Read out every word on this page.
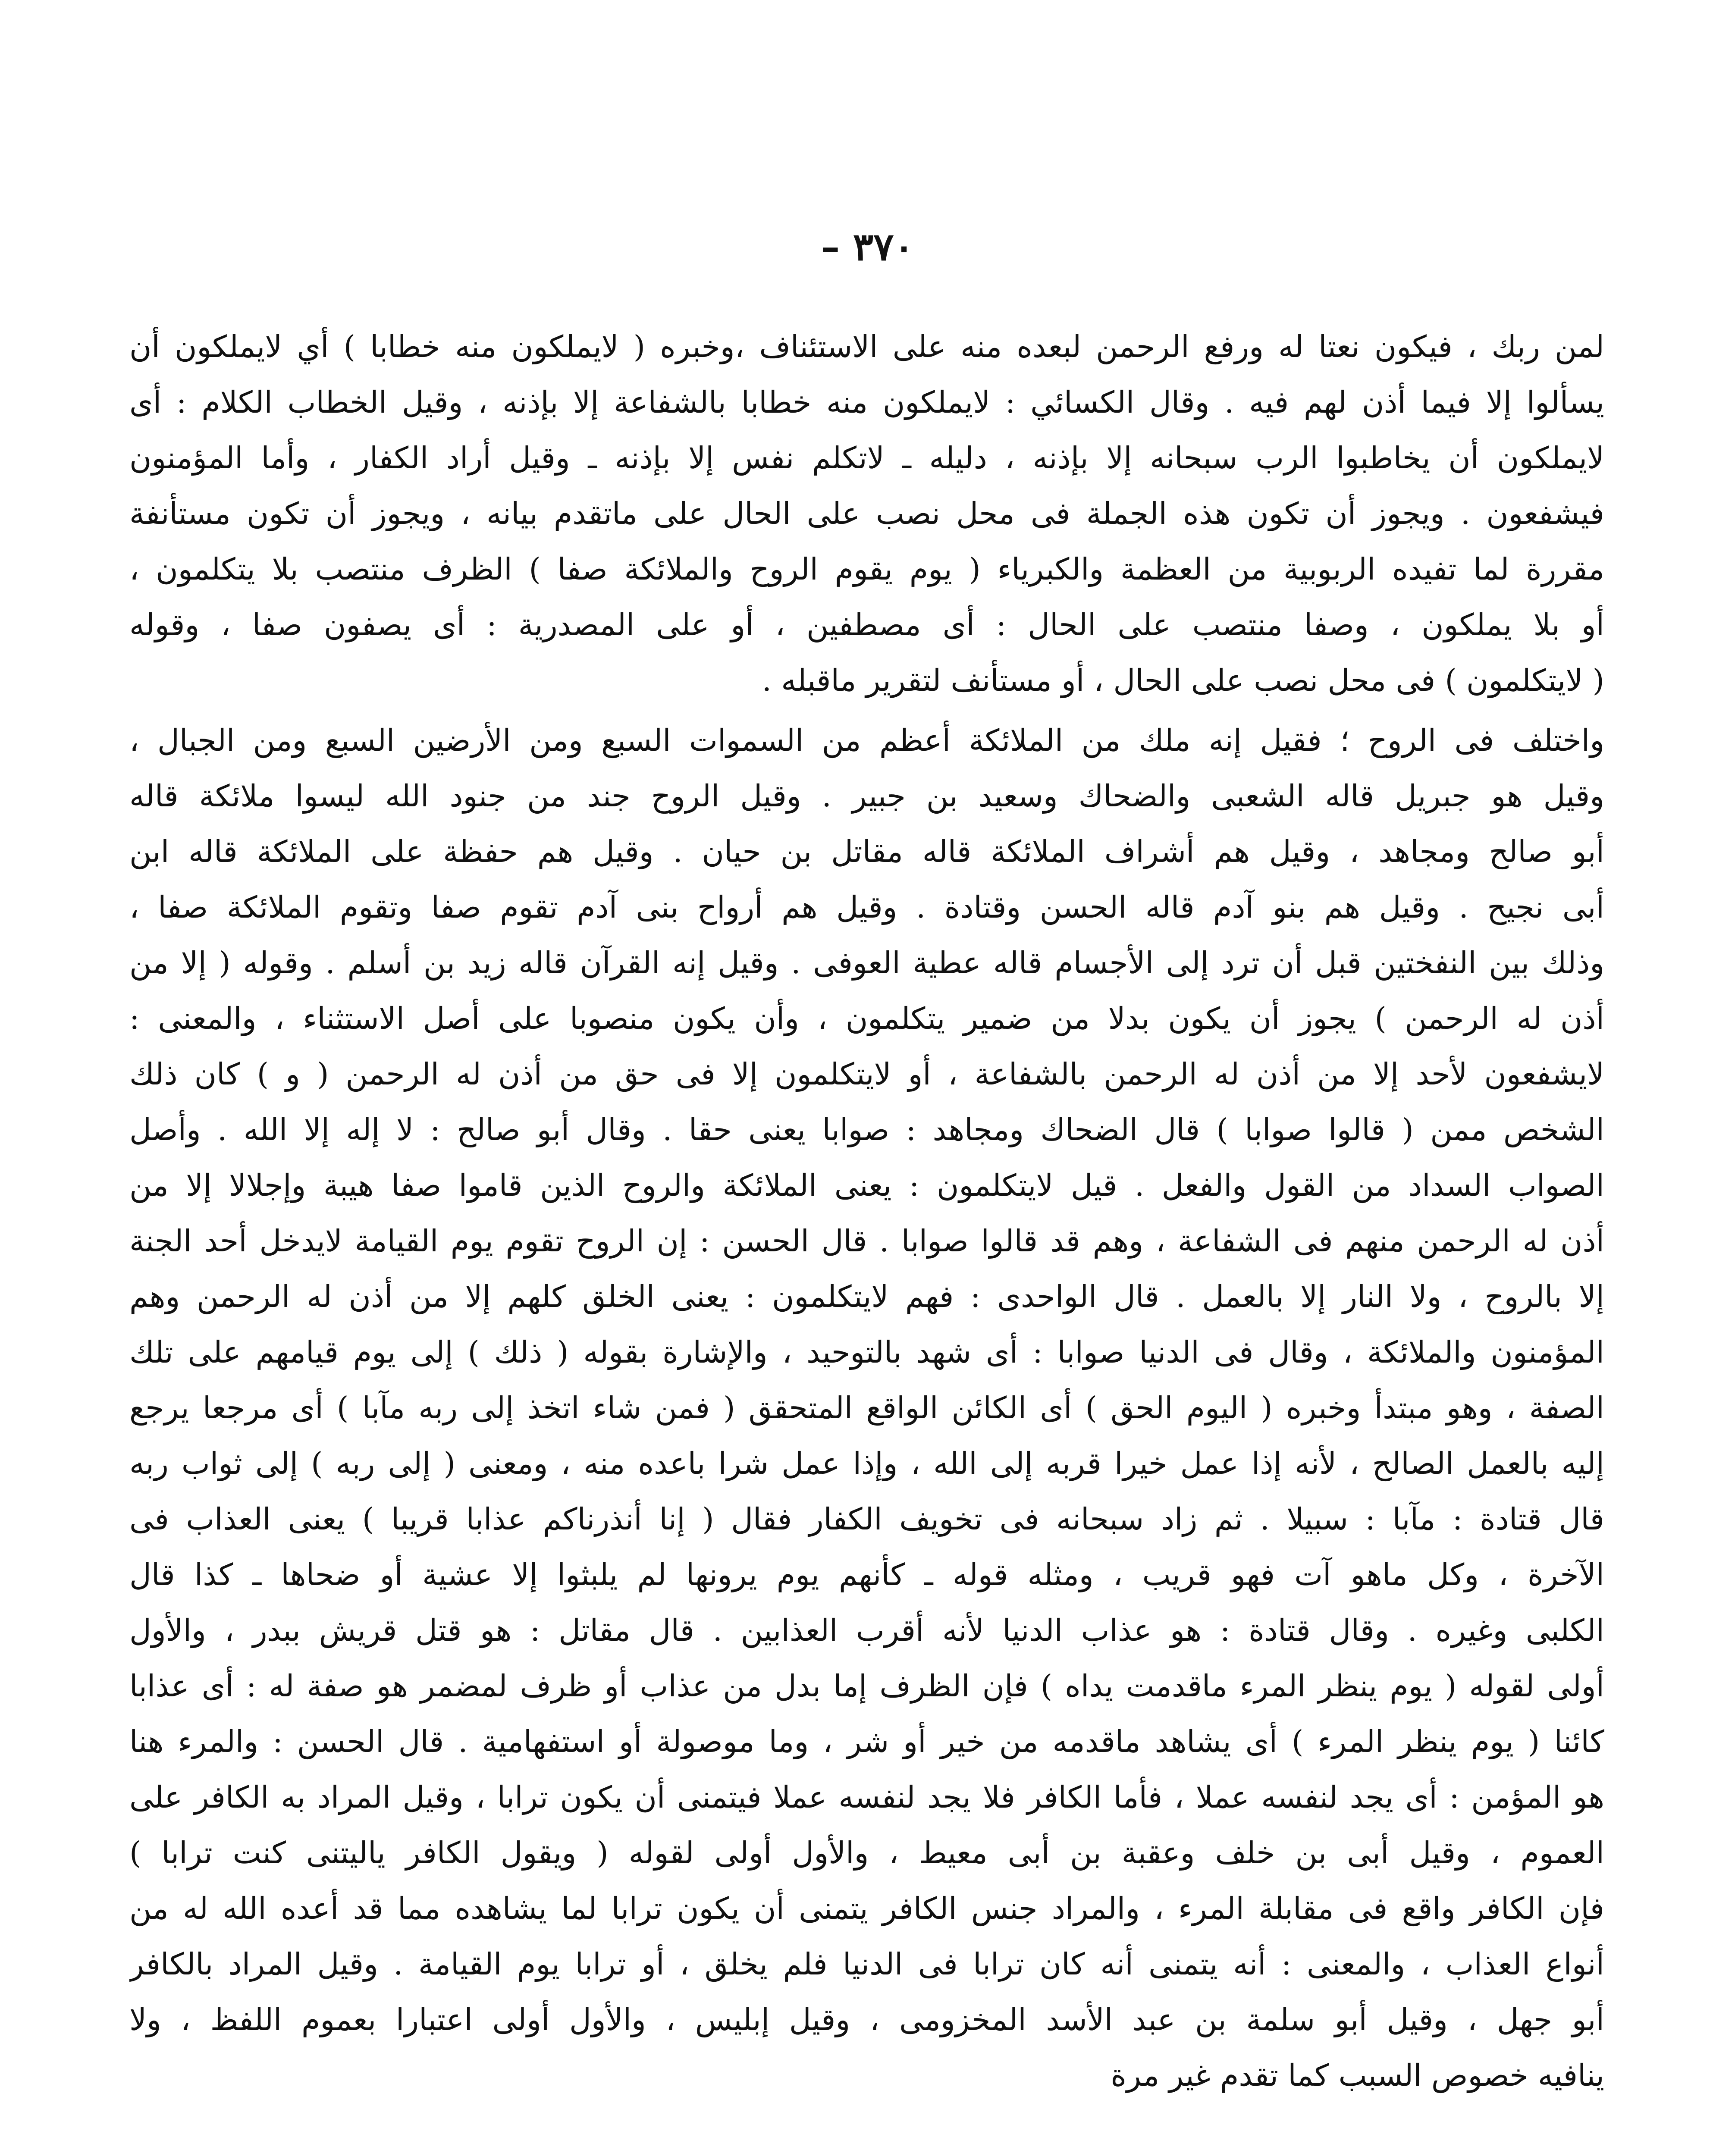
– ٣٧٠
لمن ربك ، فيكون نعتا له ورفع الرحمن لبعده منه على الاستئناف ،وخبره ( لايملكون منه خطابا ) أي لايملكون أن
يسألوا إلا فيما أذن لهم فيه . وقال الكسائي : لايملكون منه خطابا بالشفاعة إلا بإذنه ، وقيل الخطاب الكلام : أى
لايملكون أن يخاطبوا الرب سبحانه إلا بإذنه ، دليله ـ لاتكلم نفس إلا بإذنه ـ وقيل أراد الكفار ، وأما المؤمنون
فيشفعون . ويجوز أن تكون هذه الجملة فى محل نصب على الحال على ماتقدم بيانه ، ويجوز أن تكون مستأنفة
مقررة لما تفيده الربوبية من العظمة والكبرياء ( يوم يقوم الروح والملائكة صفا ) الظرف منتصب بلا يتكلمون ،
أو بلا يملكون ، وصفا منتصب على الحال : أى مصطفين ، أو على المصدرية : أى يصفون صفا ، وقوله
( لايتكلمون ) فى محل نصب على الحال ، أو مستأنف لتقرير ماقبله .
واختلف فى الروح ؛ فقيل إنه ملك من الملائكة أعظم من السموات السبع ومن الأرضين السبع ومن الجبال ،
وقيل هو جبريل قاله الشعبى والضحاك وسعيد بن جبير . وقيل الروح جند من جنود الله ليسوا ملائكة قاله
أبو صالح ومجاهد ، وقيل هم أشراف الملائكة قاله مقاتل بن حيان . وقيل هم حفظة على الملائكة قاله ابن
أبى نجيح . وقيل هم بنو آدم قاله الحسن وقتادة . وقيل هم أرواح بنى آدم تقوم صفا وتقوم الملائكة صفا ،
وذلك بين النفختين قبل أن ترد إلى الأجسام قاله عطية العوفى . وقيل إنه القرآن قاله زيد بن أسلم . وقوله ( إلا من
أذن له الرحمن ) يجوز أن يكون بدلا من ضمير يتكلمون ، وأن يكون منصوبا على أصل الاستثناء ، والمعنى :
لايشفعون لأحد إلا من أذن له الرحمن بالشفاعة ، أو لايتكلمون إلا فى حق من أذن له الرحمن ( و ) كان ذلك
الشخص ممن ( قالوا صوابا ) قال الضحاك ومجاهد : صوابا يعنى حقا . وقال أبو صالح : لا إله إلا الله . وأصل
الصواب السداد من القول والفعل . قيل لايتكلمون : يعنى الملائكة والروح الذين قاموا صفا هيبة وإجلالا إلا من
أذن له الرحمن منهم فى الشفاعة ، وهم قد قالوا صوابا . قال الحسن : إن الروح تقوم يوم القيامة لايدخل أحد الجنة
إلا بالروح ، ولا النار إلا بالعمل . قال الواحدى : فهم لايتكلمون : يعنى الخلق كلهم إلا من أذن له الرحمن وهم
المؤمنون والملائكة ، وقال فى الدنيا صوابا : أى شهد بالتوحيد ، والإشارة بقوله ( ذلك ) إلى يوم قيامهم على تلك
الصفة ، وهو مبتدأ وخبره ( اليوم الحق ) أى الكائن الواقع المتحقق ( فمن شاء اتخذ إلى ربه مآبا ) أى مرجعا يرجع
إليه بالعمل الصالح ، لأنه إذا عمل خيرا قربه إلى الله ، وإذا عمل شرا باعده منه ، ومعنى ( إلى ربه ) إلى ثواب ربه
قال قتادة : مآبا : سبيلا . ثم زاد سبحانه فى تخويف الكفار فقال ( إنا أنذرناكم عذابا قريبا ) يعنى العذاب فى
الآخرة ، وكل ماهو آت فهو قريب ، ومثله قوله ـ كأنهم يوم يرونها لم يلبثوا إلا عشية أو ضحاها ـ كذا قال
الكلبى وغيره . وقال قتادة : هو عذاب الدنيا لأنه أقرب العذابين . قال مقاتل : هو قتل قريش ببدر ، والأول
أولى لقوله ( يوم ينظر المرء ماقدمت يداه ) فإن الظرف إما بدل من عذاب أو ظرف لمضمر هو صفة له : أى عذابا
كائنا ( يوم ينظر المرء ) أى يشاهد ماقدمه من خير أو شر ، وما موصولة أو استفهامية . قال الحسن : والمرء هنا
هو المؤمن : أى يجد لنفسه عملا ، فأما الكافر فلا يجد لنفسه عملا فيتمنى أن يكون ترابا ، وقيل المراد به الكافر على
العموم ، وقيل أبى بن خلف وعقبة بن أبى معيط ، والأول أولى لقوله ( ويقول الكافر ياليتنى كنت ترابا )
فإن الكافر واقع فى مقابلة المرء ، والمراد جنس الكافر يتمنى أن يكون ترابا لما يشاهده مما قد أعده الله له من
أنواع العذاب ، والمعنى : أنه يتمنى أنه كان ترابا فى الدنيا فلم يخلق ، أو ترابا يوم القيامة . وقيل المراد بالكافر
أبو جهل ، وقيل أبو سلمة بن عبد الأسد المخزومى ، وقيل إبليس ، والأول أولى اعتبارا بعموم اللفظ ، ولا
ينافيه خصوص السبب كما تقدم غير مرة
